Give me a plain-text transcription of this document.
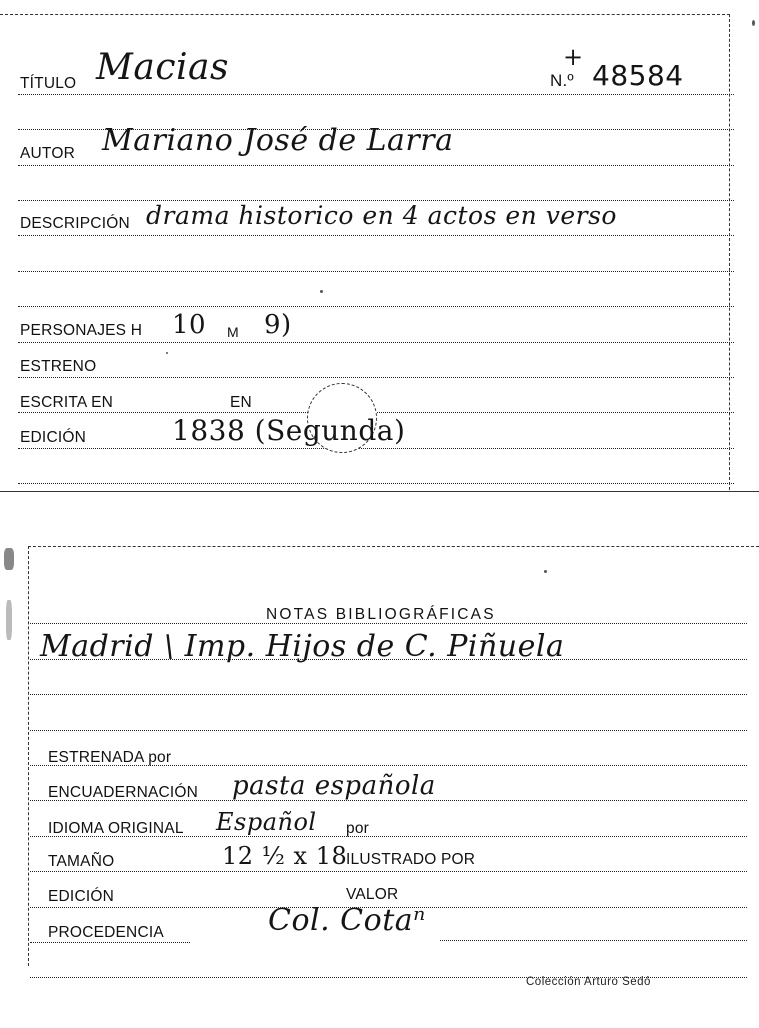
TÍTULO Macias	N.º 48584
+
AUTOR Mariano José de Larra
DESCRIPCIÓN drama historico en 4 actos en verso
PERSONAJES H 10 M 9)
ESTRENO
ESCRITA EN	EN
EDICIÓN	1838 (Segunda)
NOTAS BIBLIOGRÁFICAS
Madrid \ Imp. Hijos de C. Piñuela
ESTRENADA por
ENCUADERNACIÓN pasta española
IDIOMA ORIGINAL Español por
TAMAÑO	12 ½ x 18
ILUSTRADO POR
EDICIÓN	VALOR
PROCEDENCIA	Col. Cotaⁿ
Colección Arturo Sedó
